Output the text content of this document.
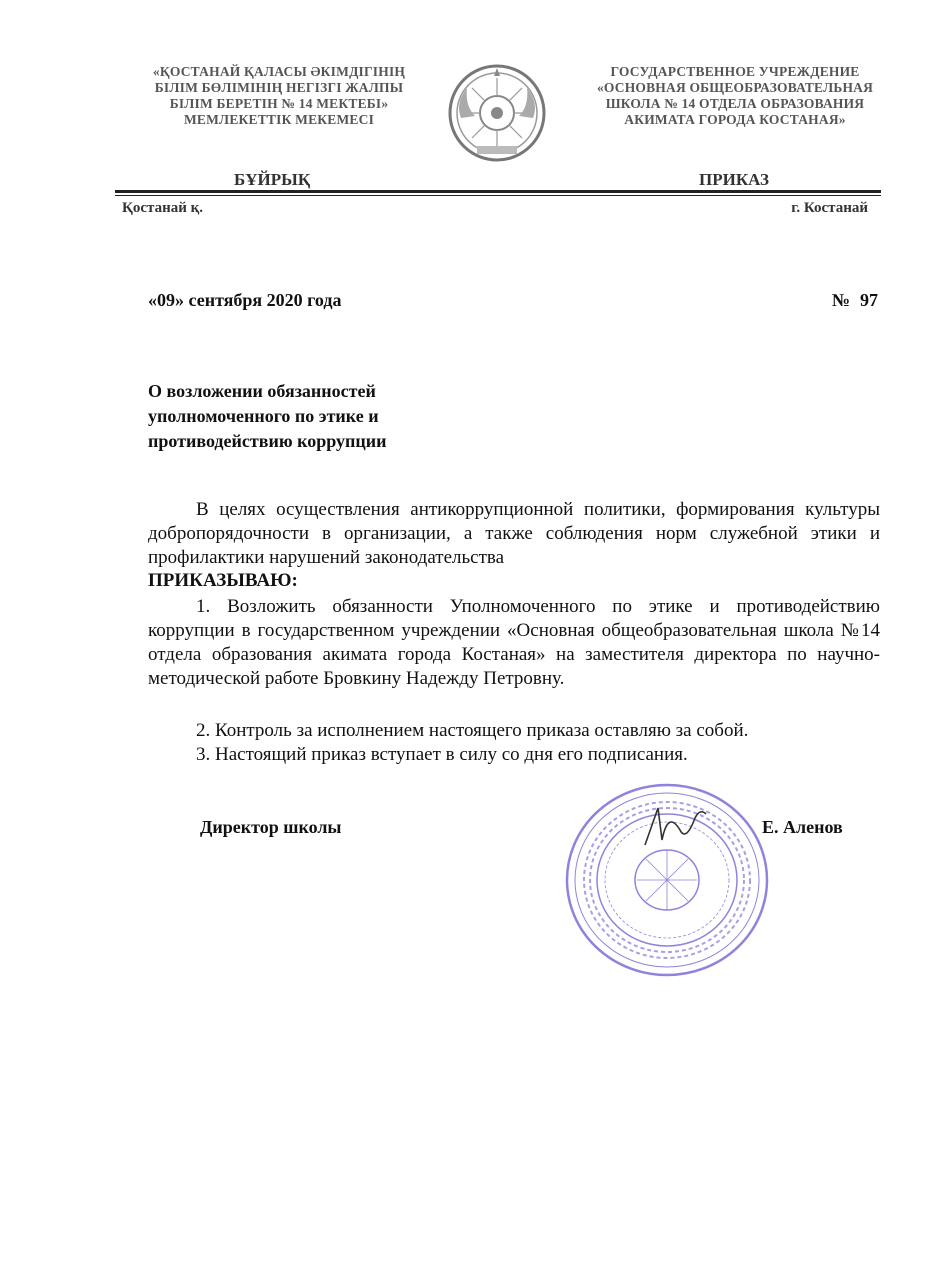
«ҚОСТАНАЙ ҚАЛАСЫ ӘКІМДІГІНІҢ
БІЛІМ БӨЛІМІНІҢ НЕГІЗГІ ЖАЛПЫ
БІЛІМ БЕРЕТІН № 14 МЕКТЕБІ»
МЕМЛЕКЕТТІК МЕКЕМЕСІ
ГОСУДАРСТВЕННОЕ УЧРЕЖДЕНИЕ
«ОСНОВНАЯ ОБЩЕОБРАЗОВАТЕЛЬНАЯ
ШКОЛА № 14 ОТДЕЛА ОБРАЗОВАНИЯ
АКИМАТА ГОРОДА КОСТАНАЯ»
БҰЙРЫҚ	ПРИКАЗ
Қостанай қ.	г. Костанай
«09» сентября 2020 года	№ 97
О возложении обязанностей
уполномоченного по этике и
противодействию коррупции
В целях осуществления антикоррупционной политики, формирования культуры добропорядочности в организации, а также соблюдения норм служебной этики и профилактики нарушений законодательства
ПРИКАЗЫВАЮ:
1. Возложить обязанности Уполномоченного по этике и противодействию коррупции в государственном учреждении «Основная общеобразовательная школа №14 отдела образования акимата города Костаная» на заместителя директора по научно-методической работе Бровкину Надежду Петровну.
2. Контроль за исполнением настоящего приказа оставляю за собой.
3. Настоящий приказ вступает в силу со дня его подписания.
Директор школы	Е. Аленов
